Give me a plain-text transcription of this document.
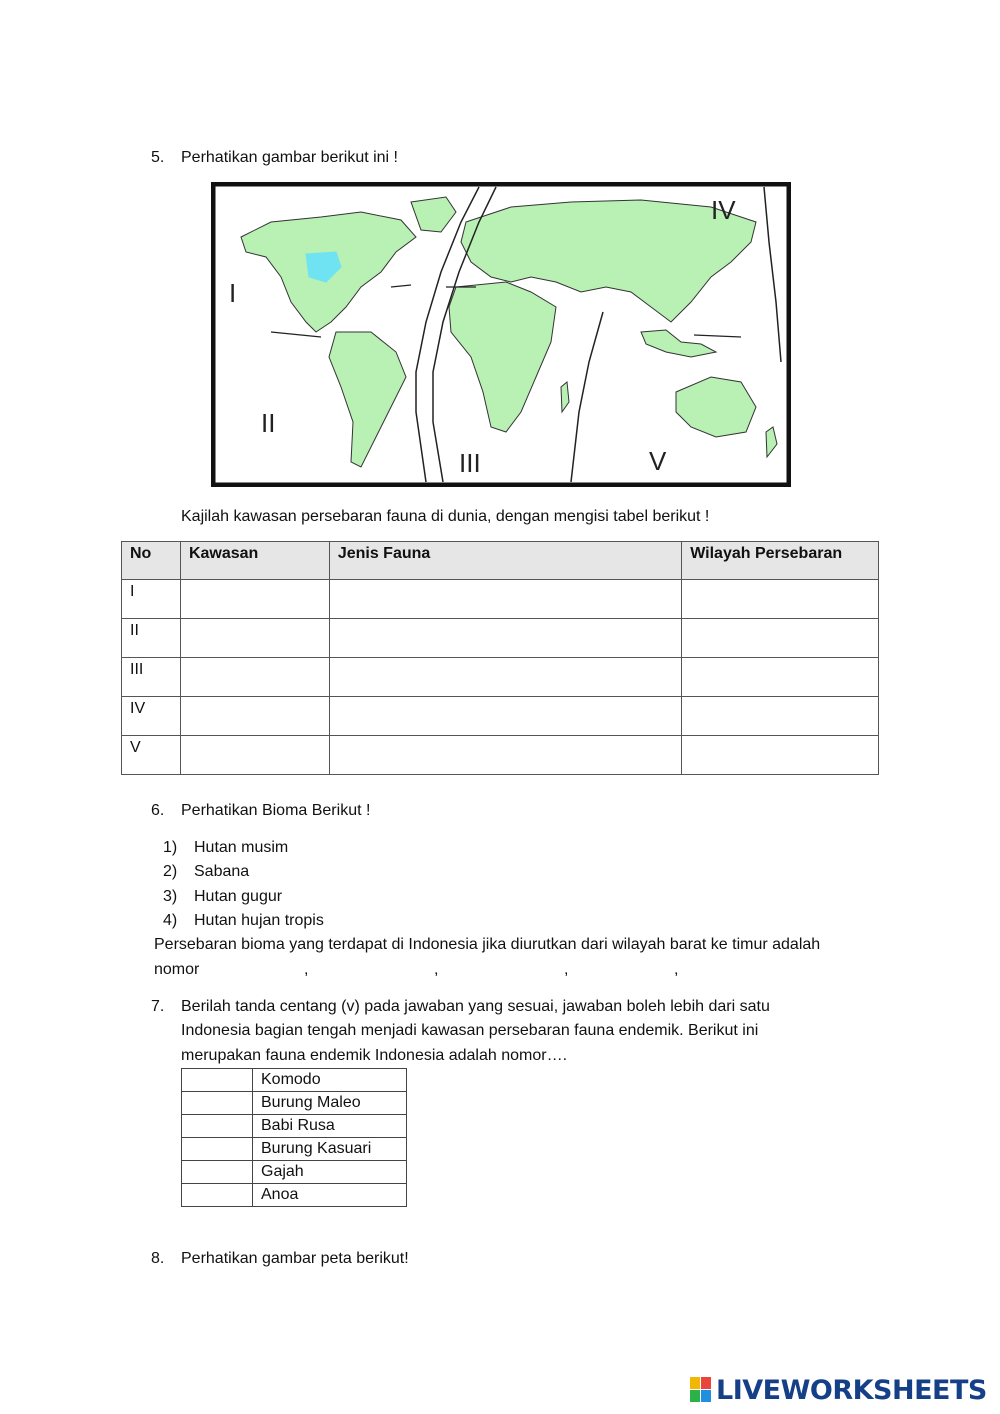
5. Perhatikan gambar berikut ini !
I
II
III
IV
V
Kajilah kawasan persebaran fauna di dunia, dengan mengisi tabel berikut !
No	Kawasan	Jenis Fauna	Wilayah Persebaran
I			
II			
III			
IV			
V			
6. Perhatikan Bioma Berikut !
1) Hutan musim
2) Sabana
3) Hutan gugur
4) Hutan hujan tropis
Persebaran bioma yang terdapat di Indonesia jika diurutkan dari wilayah barat ke timur adalah
nomor	,	,	,	,
7. Berilah tanda centang (v) pada jawaban yang sesuai, jawaban boleh lebih dari satu
Indonesia bagian tengah menjadi kawasan persebaran fauna endemik. Berikut ini
merupakan fauna endemik Indonesia adalah nomor….
	Komodo
	Burung Maleo
	Babi Rusa
	Burung Kasuari
	Gajah
	Anoa
8. Perhatikan gambar peta berikut!
LIVEWORKSHEETS
